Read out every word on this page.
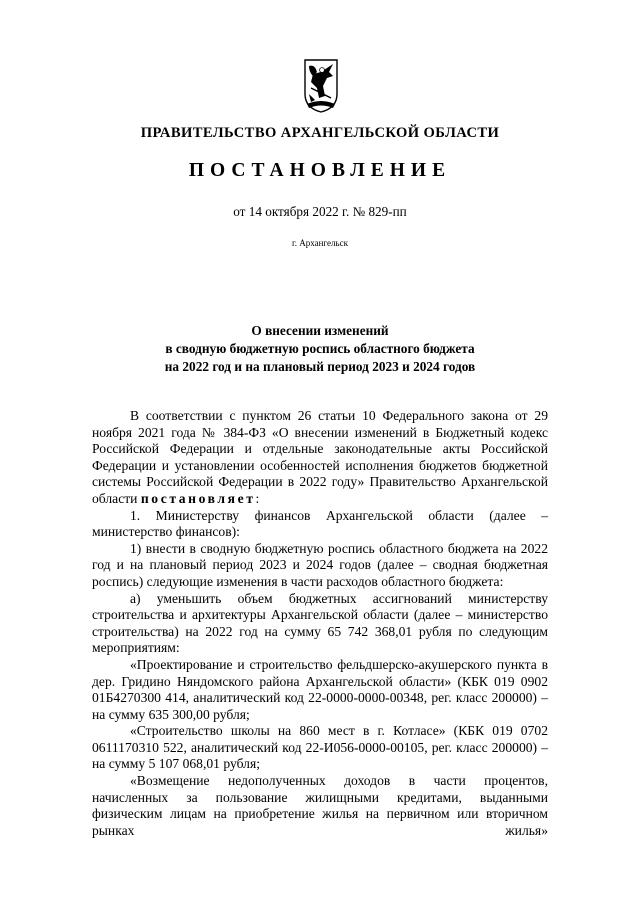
ПРАВИТЕЛЬСТВО АРХАНГЕЛЬСКОЙ ОБЛАСТИ
ПОСТАНОВЛЕНИЕ
от 14 октября 2022 г. № 829-пп
г. Архангельск
О внесении изменений
в сводную бюджетную роспись областного бюджета
на 2022 год и на плановый период 2023 и 2024 годов

В соответствии с пунктом 26 статьи 10 Федерального закона от 29 ноября 2021 года № 384-ФЗ «О внесении изменений в Бюджетный кодекс Российской Федерации и отдельные законодательные акты Российской Федерации и установлении особенностей исполнения бюджетов бюджетной системы Российской Федерации в 2022 году» Правительство Архангельской области постановляет:

1. Министерству финансов Архангельской области (далее – министерство финансов):

1) внести в сводную бюджетную роспись областного бюджета на 2022 год и на плановый период 2023 и 2024 годов (далее – сводная бюджетная роспись) следующие изменения в части расходов областного бюджета:

а) уменьшить объем бюджетных ассигнований министерству строительства и архитектуры Архангельской области (далее – министерство строительства) на 2022 год на сумму 65 742 368,01 рубля по следующим мероприятиям:

«Проектирование и строительство фельдшерско-акушерского пункта в дер. Гридино Няндомского района Архангельской области» (КБК 019 0902 01Б4270300 414, аналитический код 22-0000-0000-00348, рег. класс 200000) – на сумму 635 300,00 рубля;

«Строительство школы на 860 мест в г. Котласе» (КБК 019 0702 0611170310 522, аналитический код 22-И056-0000-00105, рег. класс 200000) – на сумму 5 107 068,01 рубля;

«Возмещение недополученных доходов в части процентов, начисленных за пользование жилищными кредитами, выданными физическим лицам на приобретение жилья на первичном или вторичном рынках жилья»
